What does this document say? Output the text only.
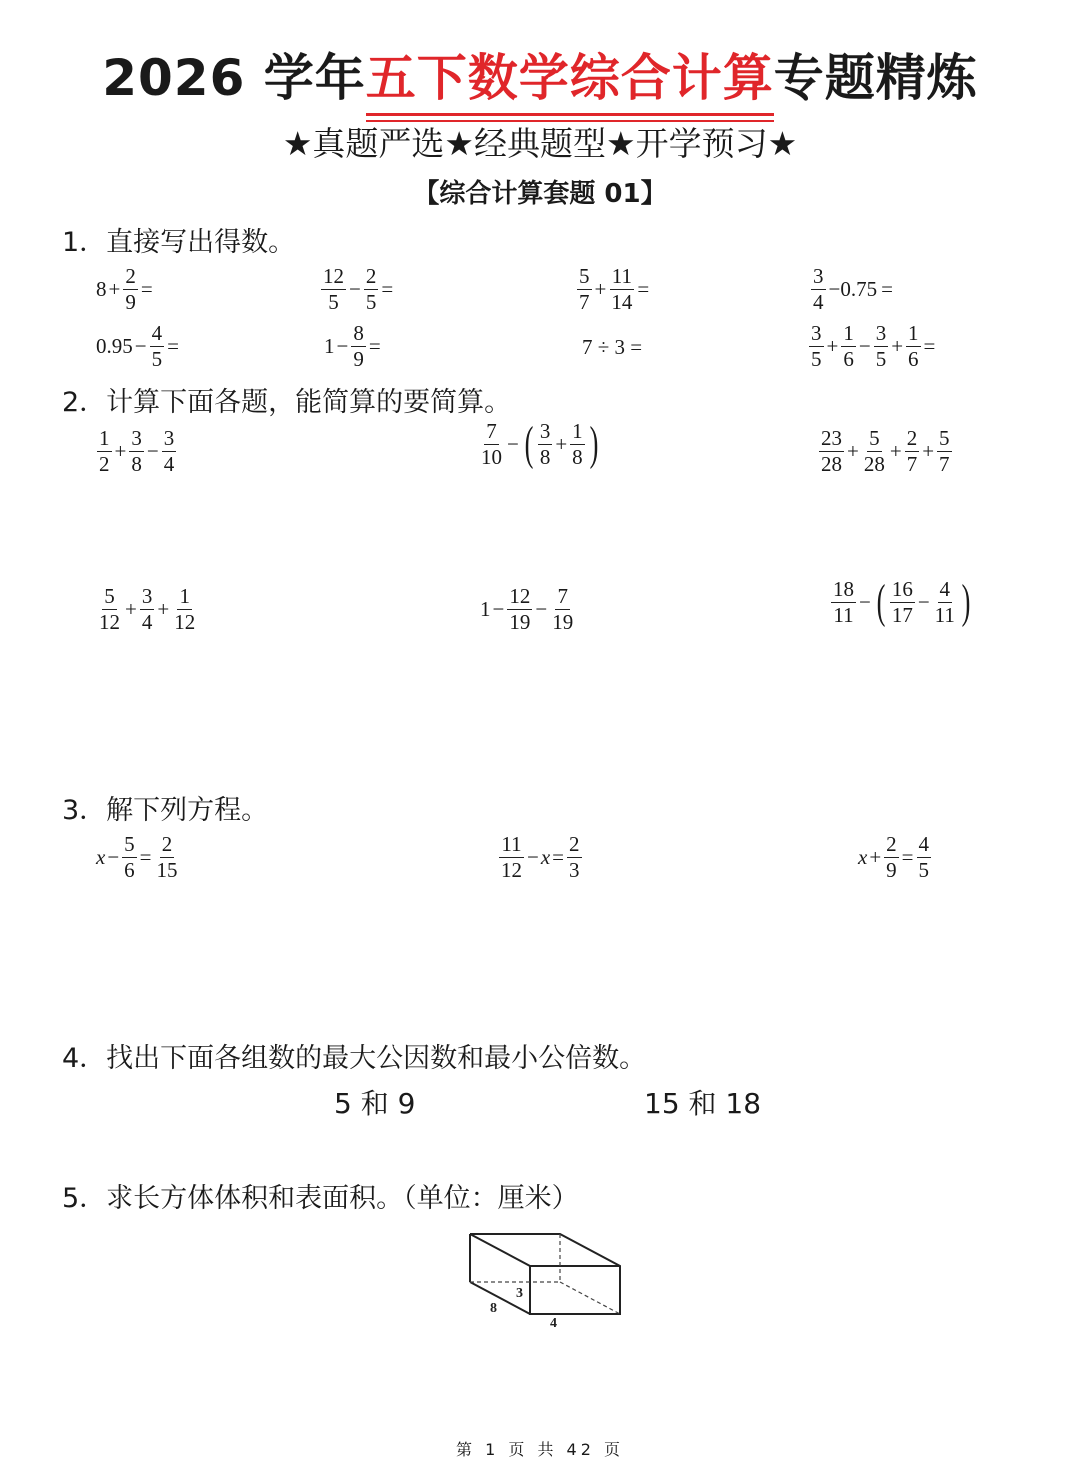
2026 学年五下数学综合计算
专题精炼
★真题严选★经典题型★开学预习★
【综合计算套题 01】
1．直接写出得数。
$8 + \frac{2}{9}$ =	$\frac{12}{5} - \frac{2}{5}$ =	$\frac{5}{7} + \frac{11}{14}$ =	$\frac{3}{4} -0.75$ =
$0.95 - \frac{4}{5}$ =	$1 - \frac{8}{9}$ =	7 ÷ 3 =	$\frac{3}{5} + \frac{1}{6} - \frac{3}{5} + \frac{1}{6}$ =
2．计算下面各题，能简算的要简算。
$\frac{1}{2} + \frac{3}{8} - \frac{3}{4}$	$\frac{7}{10}$ − ( $\frac{3}{8} + \frac{1}{8}$ )	$\frac{23}{28} + \frac{5}{28} + \frac{2}{7} + \frac{5}{7}$
$\frac{5}{12} + \frac{3}{4} + \frac{1}{12}$	$1 - \frac{12}{19} - \frac{7}{19}$	$\frac{18}{11}$ − ( $\frac{16}{17} - \frac{4}{11}$ )
3．解下列方程。
$x - \frac{5}{6} = \frac{2}{15}$	$\frac{11}{12} - x = \frac{2}{3}$	$x + \frac{2}{9} = \frac{4}{5}$
4．找出下面各组数的最大公因数和最小公倍数。
5 和 9	15 和 18
5．求长方体体积和表面积。（单位：厘米）
3
8
4
第 1 页 共 42 页
